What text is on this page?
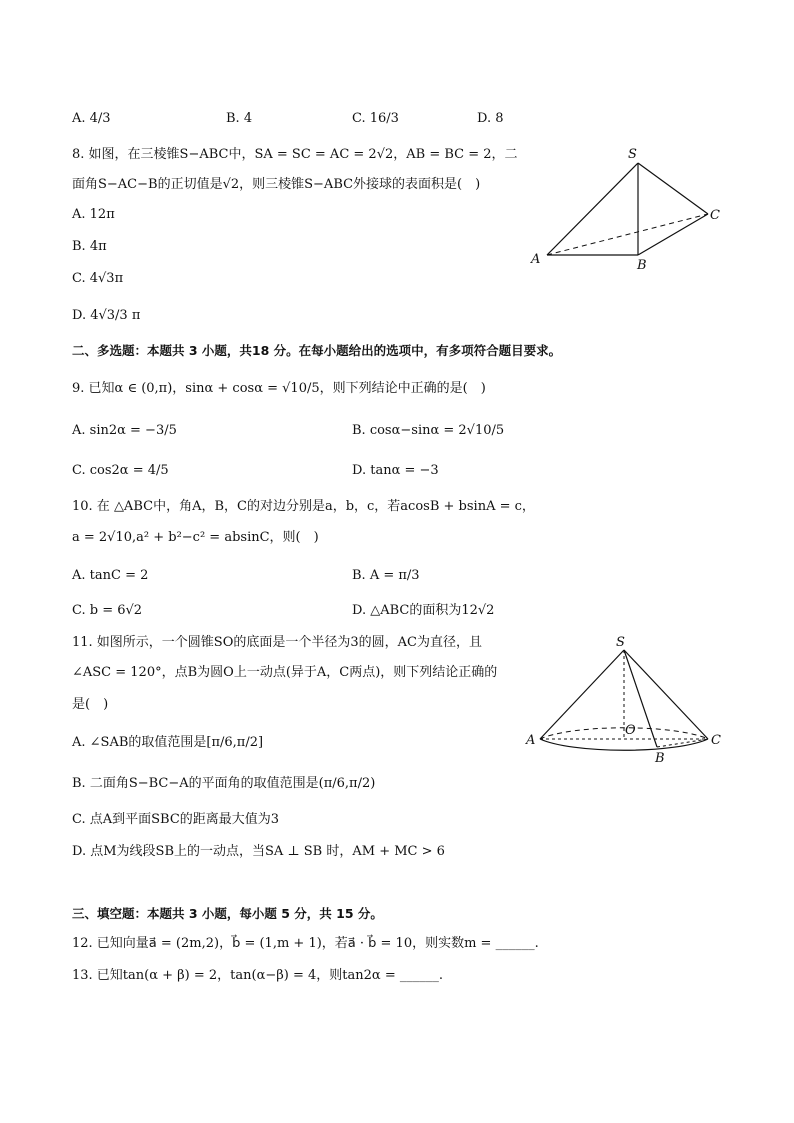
A. 4/3	B. 4	C. 16/3	D. 8
8. 如图，在三棱锥S−ABC中，SA = SC = AC = 2√2，AB = BC = 2，二
面角S−AC−B的正切值是√2，则三棱锥S−ABC外接球的表面积是(　)
A. 12π
B. 4π
C. 4√3π
D. 4√3/3 π
S
A	B
C
二、多选题：本题共 3 小题，共18 分。在每小题给出的选项中，有多项符合题目要求。
9. 已知α ∈ (0,π)，sinα + cosα = √10/5，则下列结论中正确的是(　)
A. sin2α = −3/5	B. cosα−sinα = 2√10/5
C. cos2α = 4/5	D. tanα = −3
10. 在 △ABC中，角A，B，C的对边分别是a，b，c，若acosB + bsinA = c，
a = 2√10,a² + b²−c² = absinC，则(　)
A. tanC = 2	B. A = π/3
C. b = 6√2	D. △ABC的面积为12√2
11. 如图所示，一个圆锥SO的底面是一个半径为3的圆，AC为直径，且
∠ASC = 120°，点B为圆O上一动点(异于A，C两点)，则下列结论正确的
是(　)
A. ∠SAB的取值范围是[π/6,π/2]
B. 二面角S−BC−A的平面角的取值范围是(π/6,π/2)
C. 点A到平面SBC的距离最大值为3
D. 点M为线段SB上的一动点，当SA ⊥ SB 时，AM + MC > 6
S
A
O
C
B
三、填空题：本题共 3 小题，每小题 5 分，共 15 分。
12. 已知向量a⃗ = (2m,2)，b⃗ = (1,m + 1)，若a⃗ · b⃗ = 10，则实数m = ______.
13. 已知tan(α + β) = 2，tan(α−β) = 4，则tan2α = ______.
